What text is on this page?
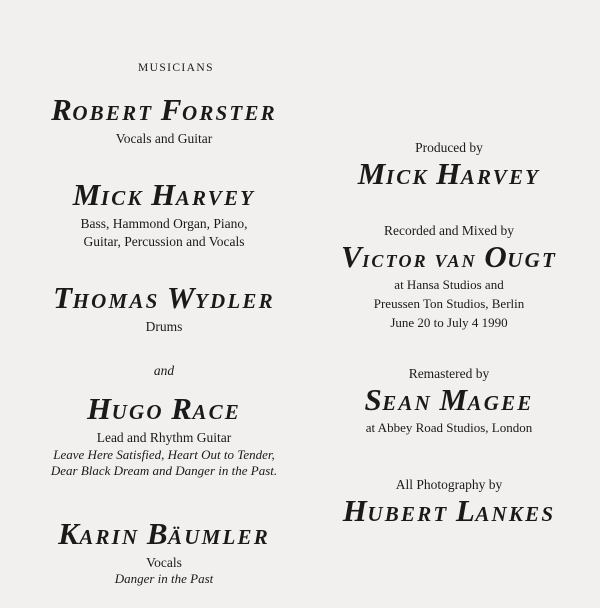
MUSICIANS
ROBERT FORSTER

Vocals and Guitar

MICK HARVEY

Bass, Hammond Organ, Piano,

Guitar, Percussion and Vocals

THOMAS WYDLER

Drums

and

HUGO RACE

Lead and Rhythm Guitar

Leave Here Satisfied, Heart Out to Tender,

Dear Black Dream and Danger in the Past.

KARIN BÄUMLER

Vocals

Danger in the Past

Produced by

MICK HARVEY

Recorded and Mixed by

VICTOR VAN OUGT

at Hansa Studios and

Preussen Ton Studios, Berlin

June 20 to July 4 1990

Remastered by

SEAN MAGEE

at Abbey Road Studios, London

All Photography by

HUBERT LANKES
